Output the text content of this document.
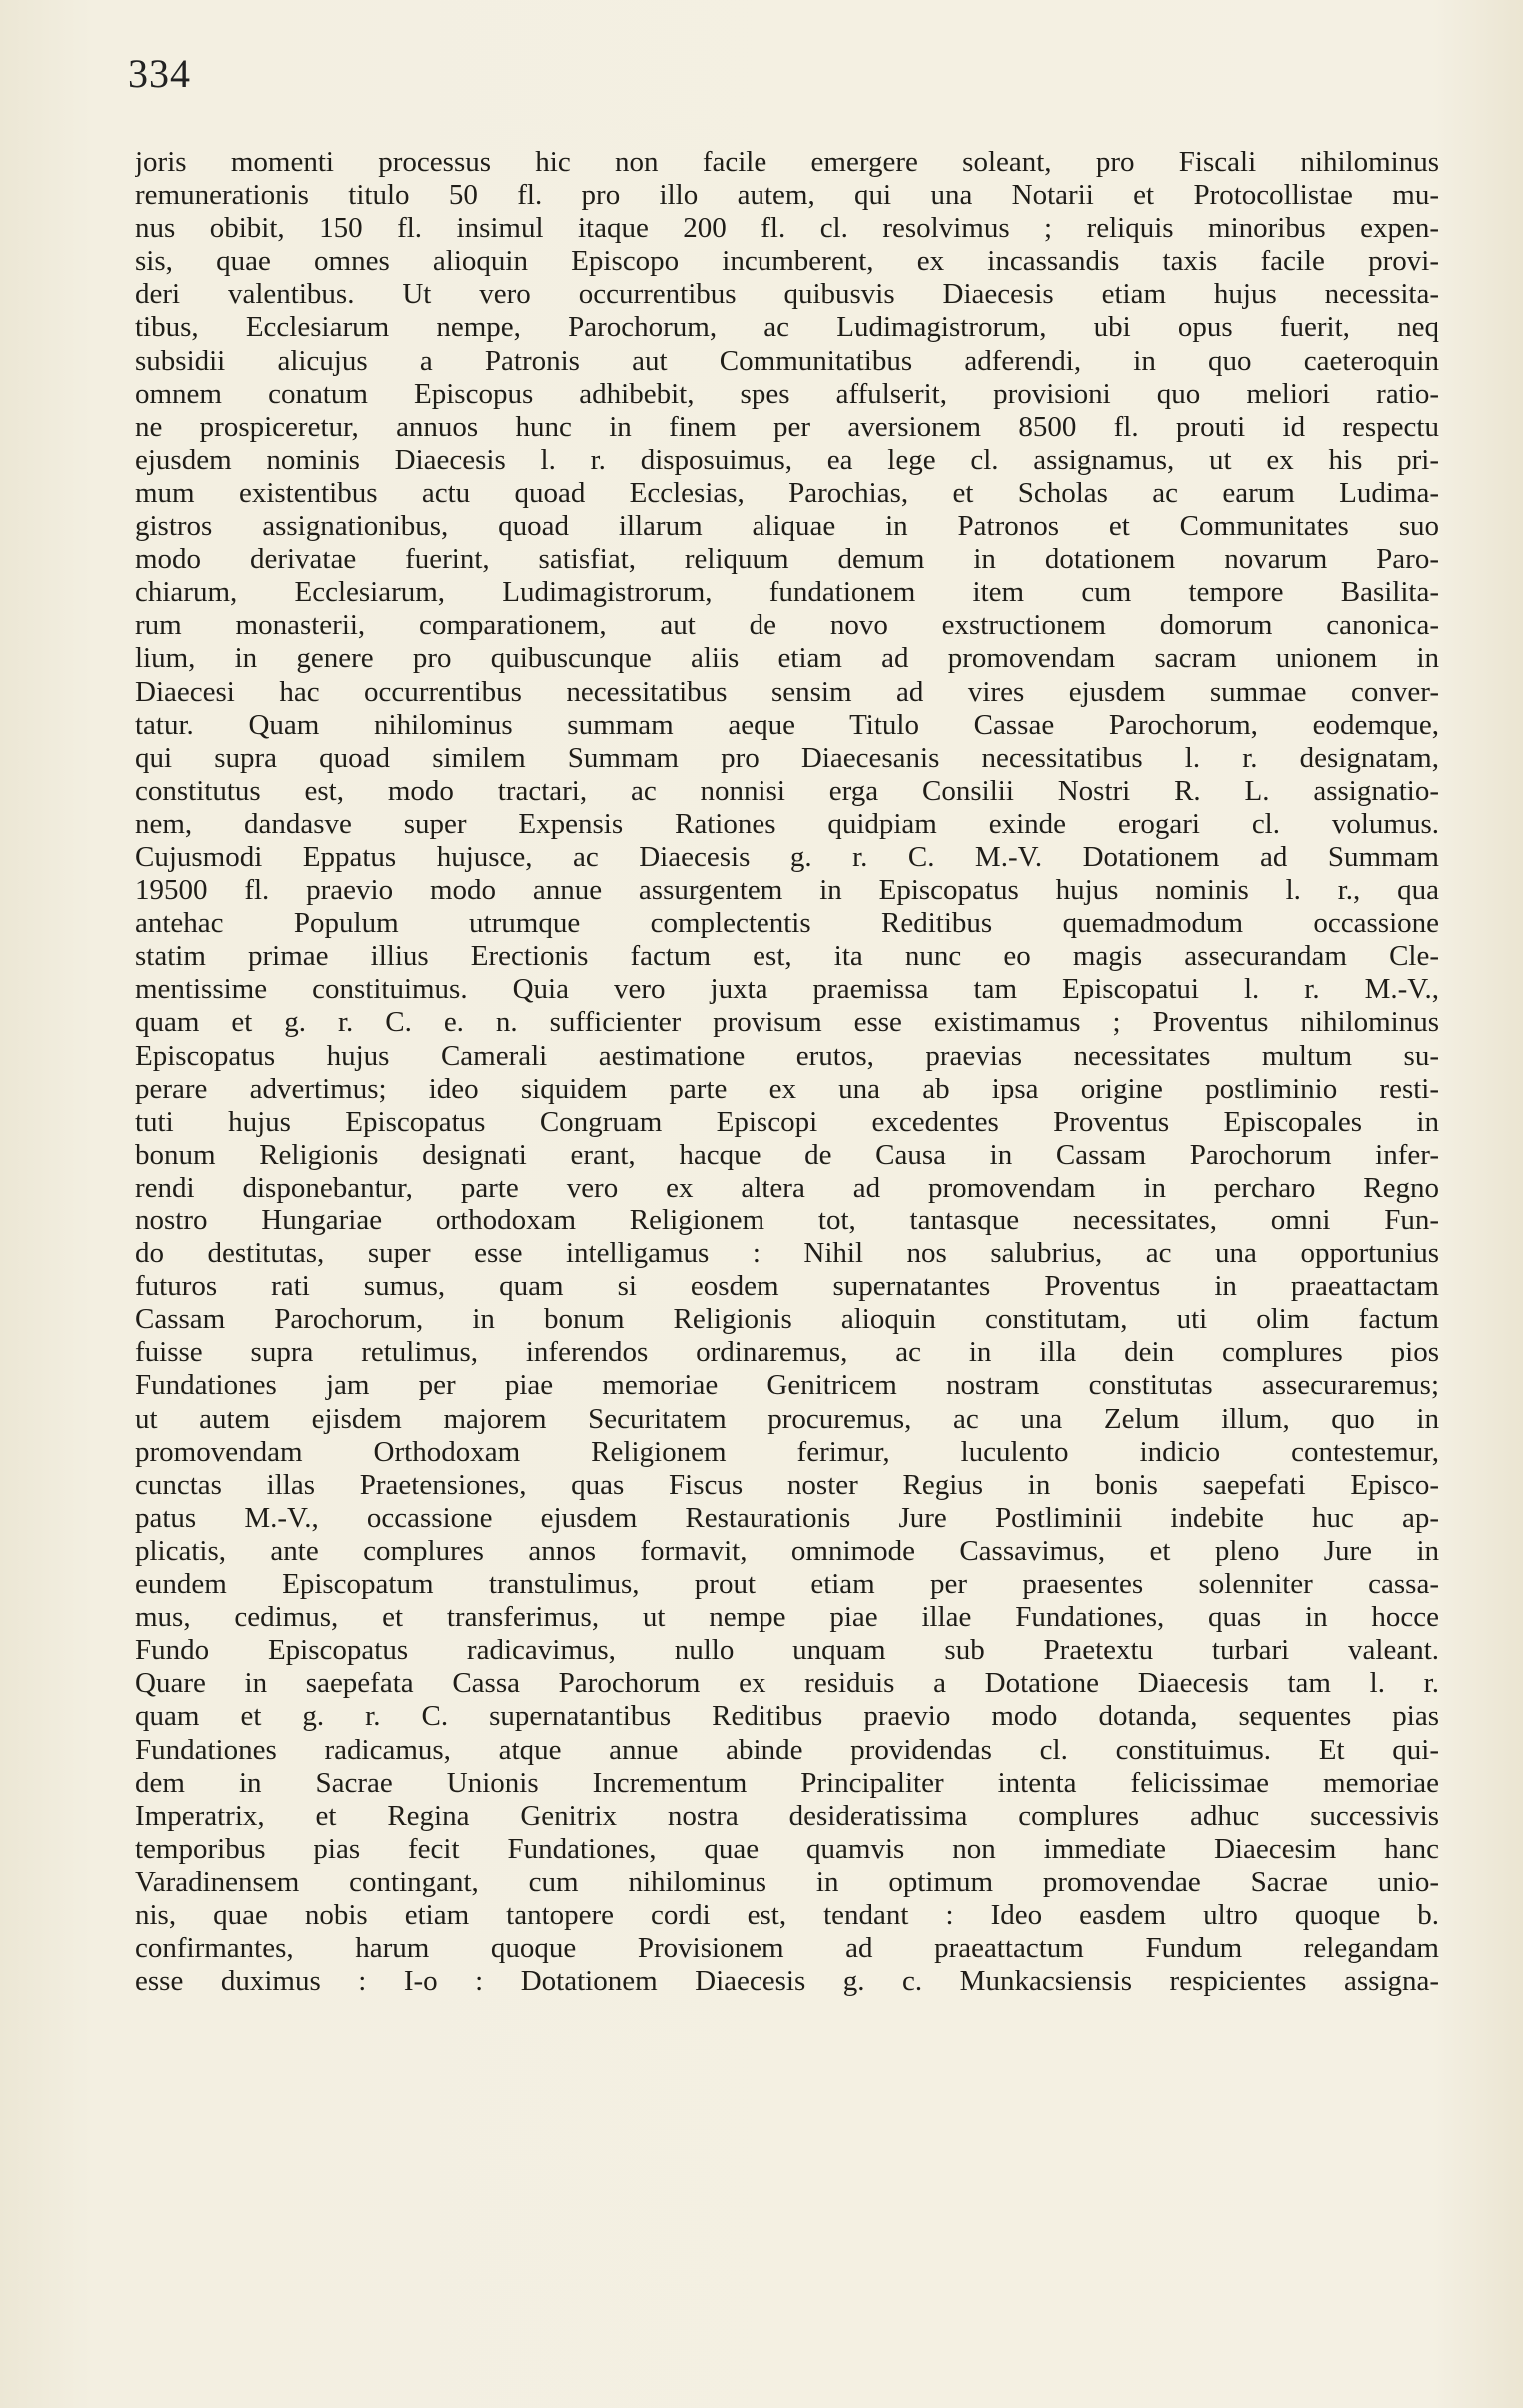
334
joris momenti processus hic non facile emergere soleant, pro Fiscali nihilominus
remunerationis titulo 50 fl. pro illo autem, qui una Notarii et Protocollistae mu-
nus obibit, 150 fl. insimul itaque 200 fl. cl. resolvimus ; reliquis minoribus expen-
sis, quae omnes alioquin Episcopo incumberent, ex incassandis taxis facile provi-
deri valentibus. Ut vero occurrentibus quibusvis Diaecesis etiam hujus necessita-
tibus, Ecclesiarum nempe, Parochorum, ac Ludimagistrorum, ubi opus fuerit, neq
subsidii alicujus a Patronis aut Communitatibus adferendi, in quo caeteroquin
omnem conatum Episcopus adhibebit, spes affulserit, provisioni quo meliori ratio-
ne prospiceretur, annuos hunc in finem per aversionem 8500 fl. prouti id respectu
ejusdem nominis Diaecesis l. r. disposuimus, ea lege cl. assignamus, ut ex his pri-
mum existentibus actu quoad Ecclesias, Parochias, et Scholas ac earum Ludima-
gistros assignationibus, quoad illarum aliquae in Patronos et Communitates suo
modo derivatae fuerint, satisfiat, reliquum demum in dotationem novarum Paro-
chiarum, Ecclesiarum, Ludimagistrorum, fundationem item cum tempore Basilita-
rum monasterii, comparationem, aut de novo exstructionem domorum canonica-
lium, in genere pro quibuscunque aliis etiam ad promovendam sacram unionem in
Diaecesi hac occurrentibus necessitatibus sensim ad vires ejusdem summae conver-
tatur. Quam nihilominus summam aeque Titulo Cassae Parochorum, eodemque,
qui supra quoad similem Summam pro Diaecesanis necessitatibus l. r. designatam,
constitutus est, modo tractari, ac nonnisi erga Consilii Nostri R. L. assignatio-
nem, dandasve super Expensis Rationes quidpiam exinde erogari cl. volumus.
Cujusmodi Eppatus hujusce, ac Diaecesis g. r. C. M.-V. Dotationem ad Summam
19500 fl. praevio modo annue assurgentem in Episcopatus hujus nominis l. r., qua
antehac Populum utrumque complectentis Reditibus quemadmodum occassione
statim primae illius Erectionis factum est, ita nunc eo magis assecurandam Cle-
mentissime constituimus. Quia vero juxta praemissa tam Episcopatui l. r. M.-V.,
quam et g. r. C. e. n. sufficienter provisum esse existimamus ; Proventus nihilominus
Episcopatus hujus Camerali aestimatione erutos, praevias necessitates multum su-
perare advertimus; ideo siquidem parte ex una ab ipsa origine postliminio resti-
tuti hujus Episcopatus Congruam Episcopi excedentes Proventus Episcopales in
bonum Religionis designati erant, hacque de Causa in Cassam Parochorum infer-
rendi disponebantur, parte vero ex altera ad promovendam in percharo Regno
nostro Hungariae orthodoxam Religionem tot, tantasque necessitates, omni Fun-
do destitutas, super esse intelligamus : Nihil nos salubrius, ac una opportunius
futuros rati sumus, quam si eosdem supernatantes Proventus in praeattactam
Cassam Parochorum, in bonum Religionis alioquin constitutam, uti olim factum
fuisse supra retulimus, inferendos ordinaremus, ac in illa dein complures pios
Fundationes jam per piae memoriae Genitricem nostram constitutas assecuraremus;
ut autem ejisdem majorem Securitatem procuremus, ac una Zelum illum, quo in
promovendam Orthodoxam Religionem ferimur, luculento indicio contestemur,
cunctas illas Praetensiones, quas Fiscus noster Regius in bonis saepefati Episco-
patus M.-V., occassione ejusdem Restaurationis Jure Postliminii indebite huc ap-
plicatis, ante complures annos formavit, omnimode Cassavimus, et pleno Jure in
eundem Episcopatum transtulimus, prout etiam per praesentes solenniter cassa-
mus, cedimus, et transferimus, ut nempe piae illae Fundationes, quas in hocce
Fundo Episcopatus radicavimus, nullo unquam sub Praetextu turbari valeant.
Quare in saepefata Cassa Parochorum ex residuis a Dotatione Diaecesis tam l. r.
quam et g. r. C. supernatantibus Reditibus praevio modo dotanda, sequentes pias
Fundationes radicamus, atque annue abinde providendas cl. constituimus. Et qui-
dem in Sacrae Unionis Incrementum Principaliter intenta felicissimae memoriae
Imperatrix, et Regina Genitrix nostra desideratissima complures adhuc successivis
temporibus pias fecit Fundationes, quae quamvis non immediate Diaecesim hanc
Varadinensem contingant, cum nihilominus in optimum promovendae Sacrae unio-
nis, quae nobis etiam tantopere cordi est, tendant : Ideo easdem ultro quoque b.
confirmantes, harum quoque Provisionem ad praeattactum Fundum relegandam
esse duximus : I-o : Dotationem Diaecesis g. c. Munkacsiensis respicientes assigna-
